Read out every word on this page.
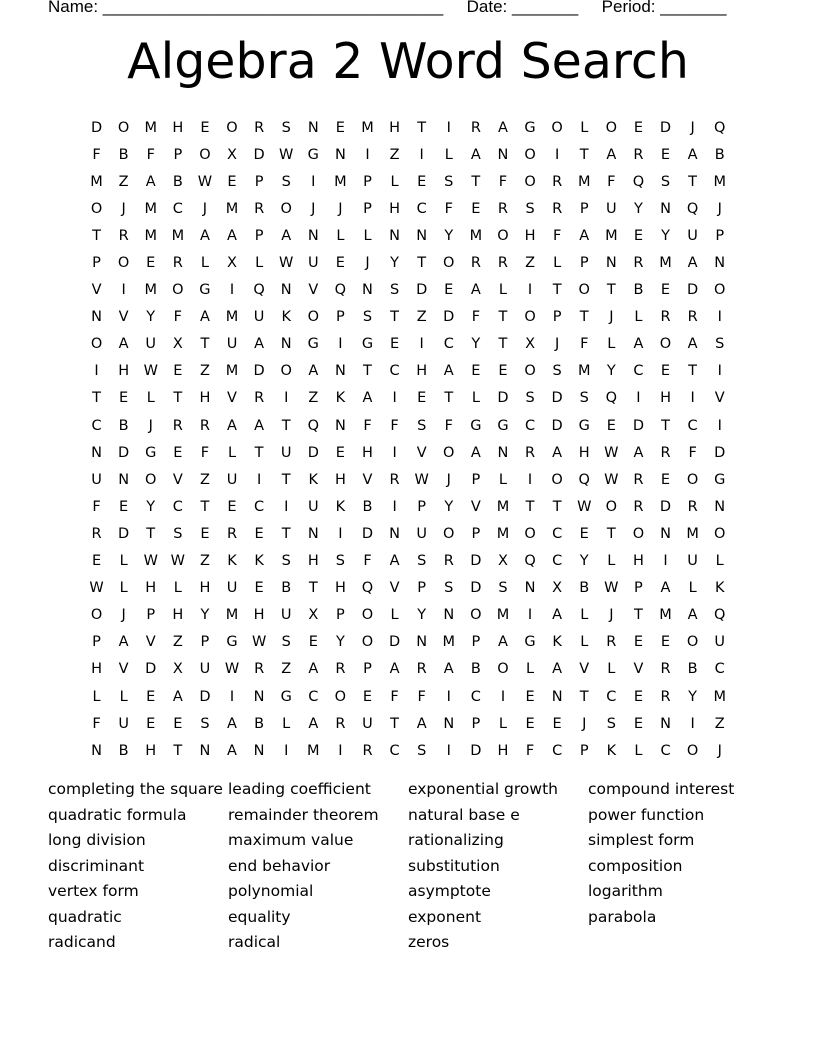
Name: ____________________________________ Date: _______ Period: _______
Algebra 2 Word Search
D	O	M	H	E	O	R	S	N	E	M	H	T	I	R	A	G	O	L	O	E	D	J	Q
F	B	F	P	O	X	D W G	N	I	Z	I	L	A	N	O	I	T	A	R	E	A	B
M	Z	A	B	W	E	P	S	I	M	P	L	E	S	T	F	O	R	M	F	Q	S	T	M
O	J	M	C	J	M	R	O	J	J	P	H	C	F	E	R	S	R	P	U	Y	N	Q	J
T	R	M	M	A	A	P	A	N	L	L	N	N	Y	M	O	H	F	A	M	E	Y	U	P
P	O	E	R	L	X	L	W	U	E	J	Y	T	O	R	R	Z	L	P	N	R	M	A	N
V	I	M	O	G	I	Q	N	V	Q	N	S	D	E	A	L	I	T	O	T	B	E	D	O
N	V	Y	F	A	M	U	K	O	P	S	T	Z	D	F	T	O	P	T	J	L	R	R	I
O	A	U	X	T	U	A	N	G	I	G	E	I	C	Y	T	X	J	F	L	A	O	A	S
I	H W	E	Z	M	D	O	A	N	T	C	H	A	E	E	O	S	M	Y	C	E	T	I
T	E	L	T	H	V	R	I	Z	K	A	I	E	T	L	D	S	D	S	Q	I	H	I	V
C	B	J	R	R	A	A	T	Q	N	F	F	S	F	G	G	C	D	G	E	D	T	C	I
N	D	G	E	F	L	T	U	D	E	H	I	V	O	A	N	R	A	H W	A	R	F	D
U	N	O	V	Z	U	I	T	K	H	V	R	W	J	P	L	I	O	Q W	R	E	O	G
F	E	Y	C	T	E	C	I	U	K	B	I	P	Y	V	M	T	T	W O	R	D	R	N
R	D	T	S	E	R	E	T	N	I	D	N	U	O	P	M	O	C	E	T	O	N	M	O
E	L	W W	Z	K	K	S	H	S	F	A	S	R	D	X	Q	C	Y	L	H	I	U	L
W	L	H	L	H	U	E	B	T	H	Q	V	P	S	D	S	N	X	B	W	P	A	L	K
O	J	P	H	Y	M	H	U	X	P	O	L	Y	N	O	M	I	A	L	J	T	M	A	Q
P	A	V	Z	P	G W	S	E	Y	O	D	N	M	P	A	G	K	L	R	E	E	O	U
H	V	D	X	U	W	R	Z	A	R	P	A	R	A	B	O	L	A	V	L	V	R	B	C
L	L	E	A	D	I	N	G	C	O	E	F	F	I	C	I	E	N	T	C	E	R	Y	M
F	U	E	E	S	A	B	L	A	R	U	T	A	N	P	L	E	E	J	S	E	N	I	Z
N	B	H	T	N	A	N	I	M	I	R	C	S	I	D	H	F	C	P	K	L	C	O	J
completing the square
quadratic formula
long division
discriminant
vertex form
quadratic
radicand
leading coefficient
remainder theorem
maximum value
end behavior
polynomial
equality
radical
exponential growth
natural base e
rationalizing
substitution
asymptote
exponent
zeros
compound interest
power function
simplest form
composition
logarithm
parabola
